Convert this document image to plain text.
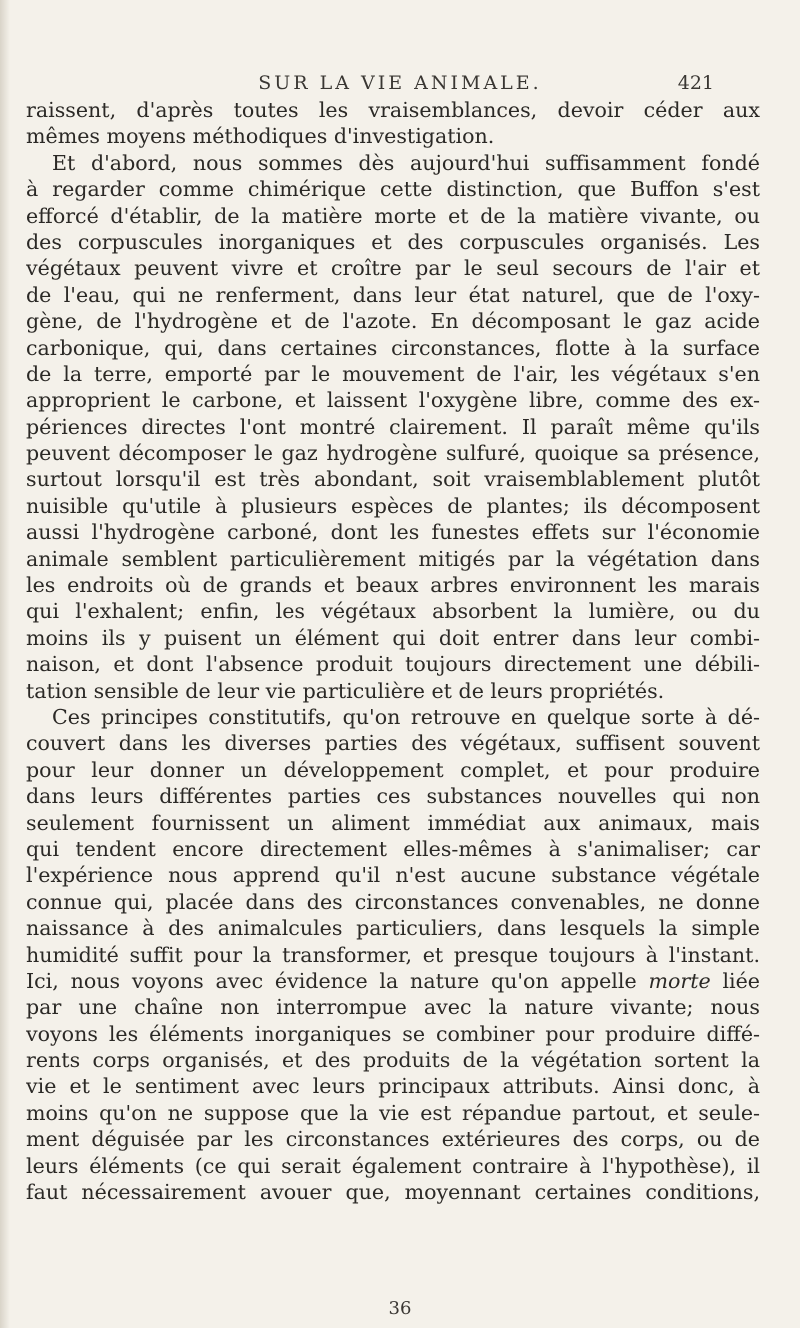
SUR LA VIE ANIMALE.	421
raissent, d'après toutes les vraisemblances, devoir céder aux
mêmes moyens méthodiques d'investigation.
Et d'abord, nous sommes dès aujourd'hui suffisamment fondé
à regarder comme chimérique cette distinction, que Buffon s'est
efforcé d'établir, de la matière morte et de la matière vivante, ou
des corpuscules inorganiques et des corpuscules organisés. Les
végétaux peuvent vivre et croître par le seul secours de l'air et
de l'eau, qui ne renferment, dans leur état naturel, que de l'oxy-
gène, de l'hydrogène et de l'azote. En décomposant le gaz acide
carbonique, qui, dans certaines circonstances, flotte à la surface
de la terre, emporté par le mouvement de l'air, les végétaux s'en
approprient le carbone, et laissent l'oxygène libre, comme des ex-
périences directes l'ont montré clairement. Il paraît même qu'ils
peuvent décomposer le gaz hydrogène sulfuré, quoique sa présence,
surtout lorsqu'il est très abondant, soit vraisemblablement plutôt
nuisible qu'utile à plusieurs espèces de plantes; ils décomposent
aussi l'hydrogène carboné, dont les funestes effets sur l'économie
animale semblent particulièrement mitigés par la végétation dans
les endroits où de grands et beaux arbres environnent les marais
qui l'exhalent; enfin, les végétaux absorbent la lumière, ou du
moins ils y puisent un élément qui doit entrer dans leur combi-
naison, et dont l'absence produit toujours directement une débili-
tation sensible de leur vie particulière et de leurs propriétés.
Ces principes constitutifs, qu'on retrouve en quelque sorte à dé-
couvert dans les diverses parties des végétaux, suffisent souvent
pour leur donner un développement complet, et pour produire
dans leurs différentes parties ces substances nouvelles qui non
seulement fournissent un aliment immédiat aux animaux, mais
qui tendent encore directement elles-mêmes à s'animaliser; car
l'expérience nous apprend qu'il n'est aucune substance végétale
connue qui, placée dans des circonstances convenables, ne donne
naissance à des animalcules particuliers, dans lesquels la simple
humidité suffit pour la transformer, et presque toujours à l'instant.
Ici, nous voyons avec évidence la nature qu'on appelle morte liée
par une chaîne non interrompue avec la nature vivante; nous
voyons les éléments inorganiques se combiner pour produire diffé-
rents corps organisés, et des produits de la végétation sortent la
vie et le sentiment avec leurs principaux attributs. Ainsi donc, à
moins qu'on ne suppose que la vie est répandue partout, et seule-
ment déguisée par les circonstances extérieures des corps, ou de
leurs éléments (ce qui serait également contraire à l'hypothèse), il
faut nécessairement avouer que, moyennant certaines conditions,
36
